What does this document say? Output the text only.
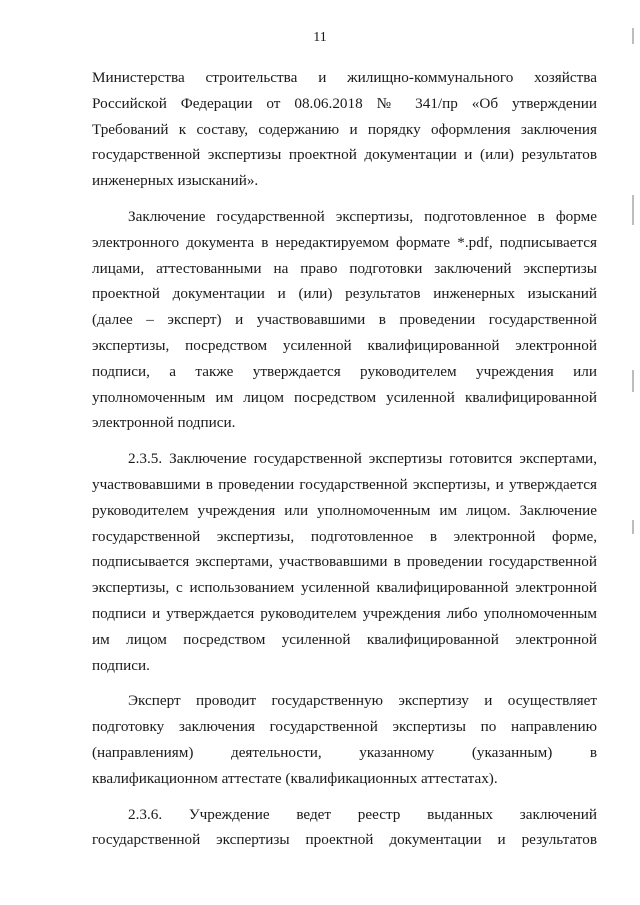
11
Министерства строительства и жилищно-коммунального хозяйства
Российской Федерации от 08.06.2018 № 341/пр «Об утверждении
Требований к составу, содержанию и порядку оформления заключения
государственной экспертизы проектной документации и (или) результатов
инженерных изысканий».
Заключение государственной экспертизы, подготовленное в форме
электронного документа в нередактируемом формате *.pdf, подписывается
лицами, аттестованными на право подготовки заключений экспертизы
проектной документации и (или) результатов инженерных изысканий
(далее – эксперт) и участвовавшими в проведении государственной
экспертизы, посредством усиленной квалифицированной электронной
подписи, а также утверждается руководителем учреждения или
уполномоченным им лицом посредством усиленной квалифицированной
электронной подписи.
2.3.5. Заключение государственной экспертизы готовится экспертами,
участвовавшими в проведении государственной экспертизы, и утверждается
руководителем учреждения или уполномоченным им лицом. Заключение
государственной экспертизы, подготовленное в электронной форме,
подписывается экспертами, участвовавшими в проведении государственной
экспертизы, с использованием усиленной квалифицированной электронной
подписи и утверждается руководителем учреждения либо уполномоченным
им лицом посредством усиленной квалифицированной электронной
подписи.
Эксперт проводит государственную экспертизу и осуществляет
подготовку заключения государственной экспертизы по направлению
(направлениям) деятельности, указанному (указанным) в
квалификационном аттестате (квалификационных аттестатах).
2.3.6. Учреждение ведет реестр выданных заключений
государственной экспертизы проектной документации и результатов
